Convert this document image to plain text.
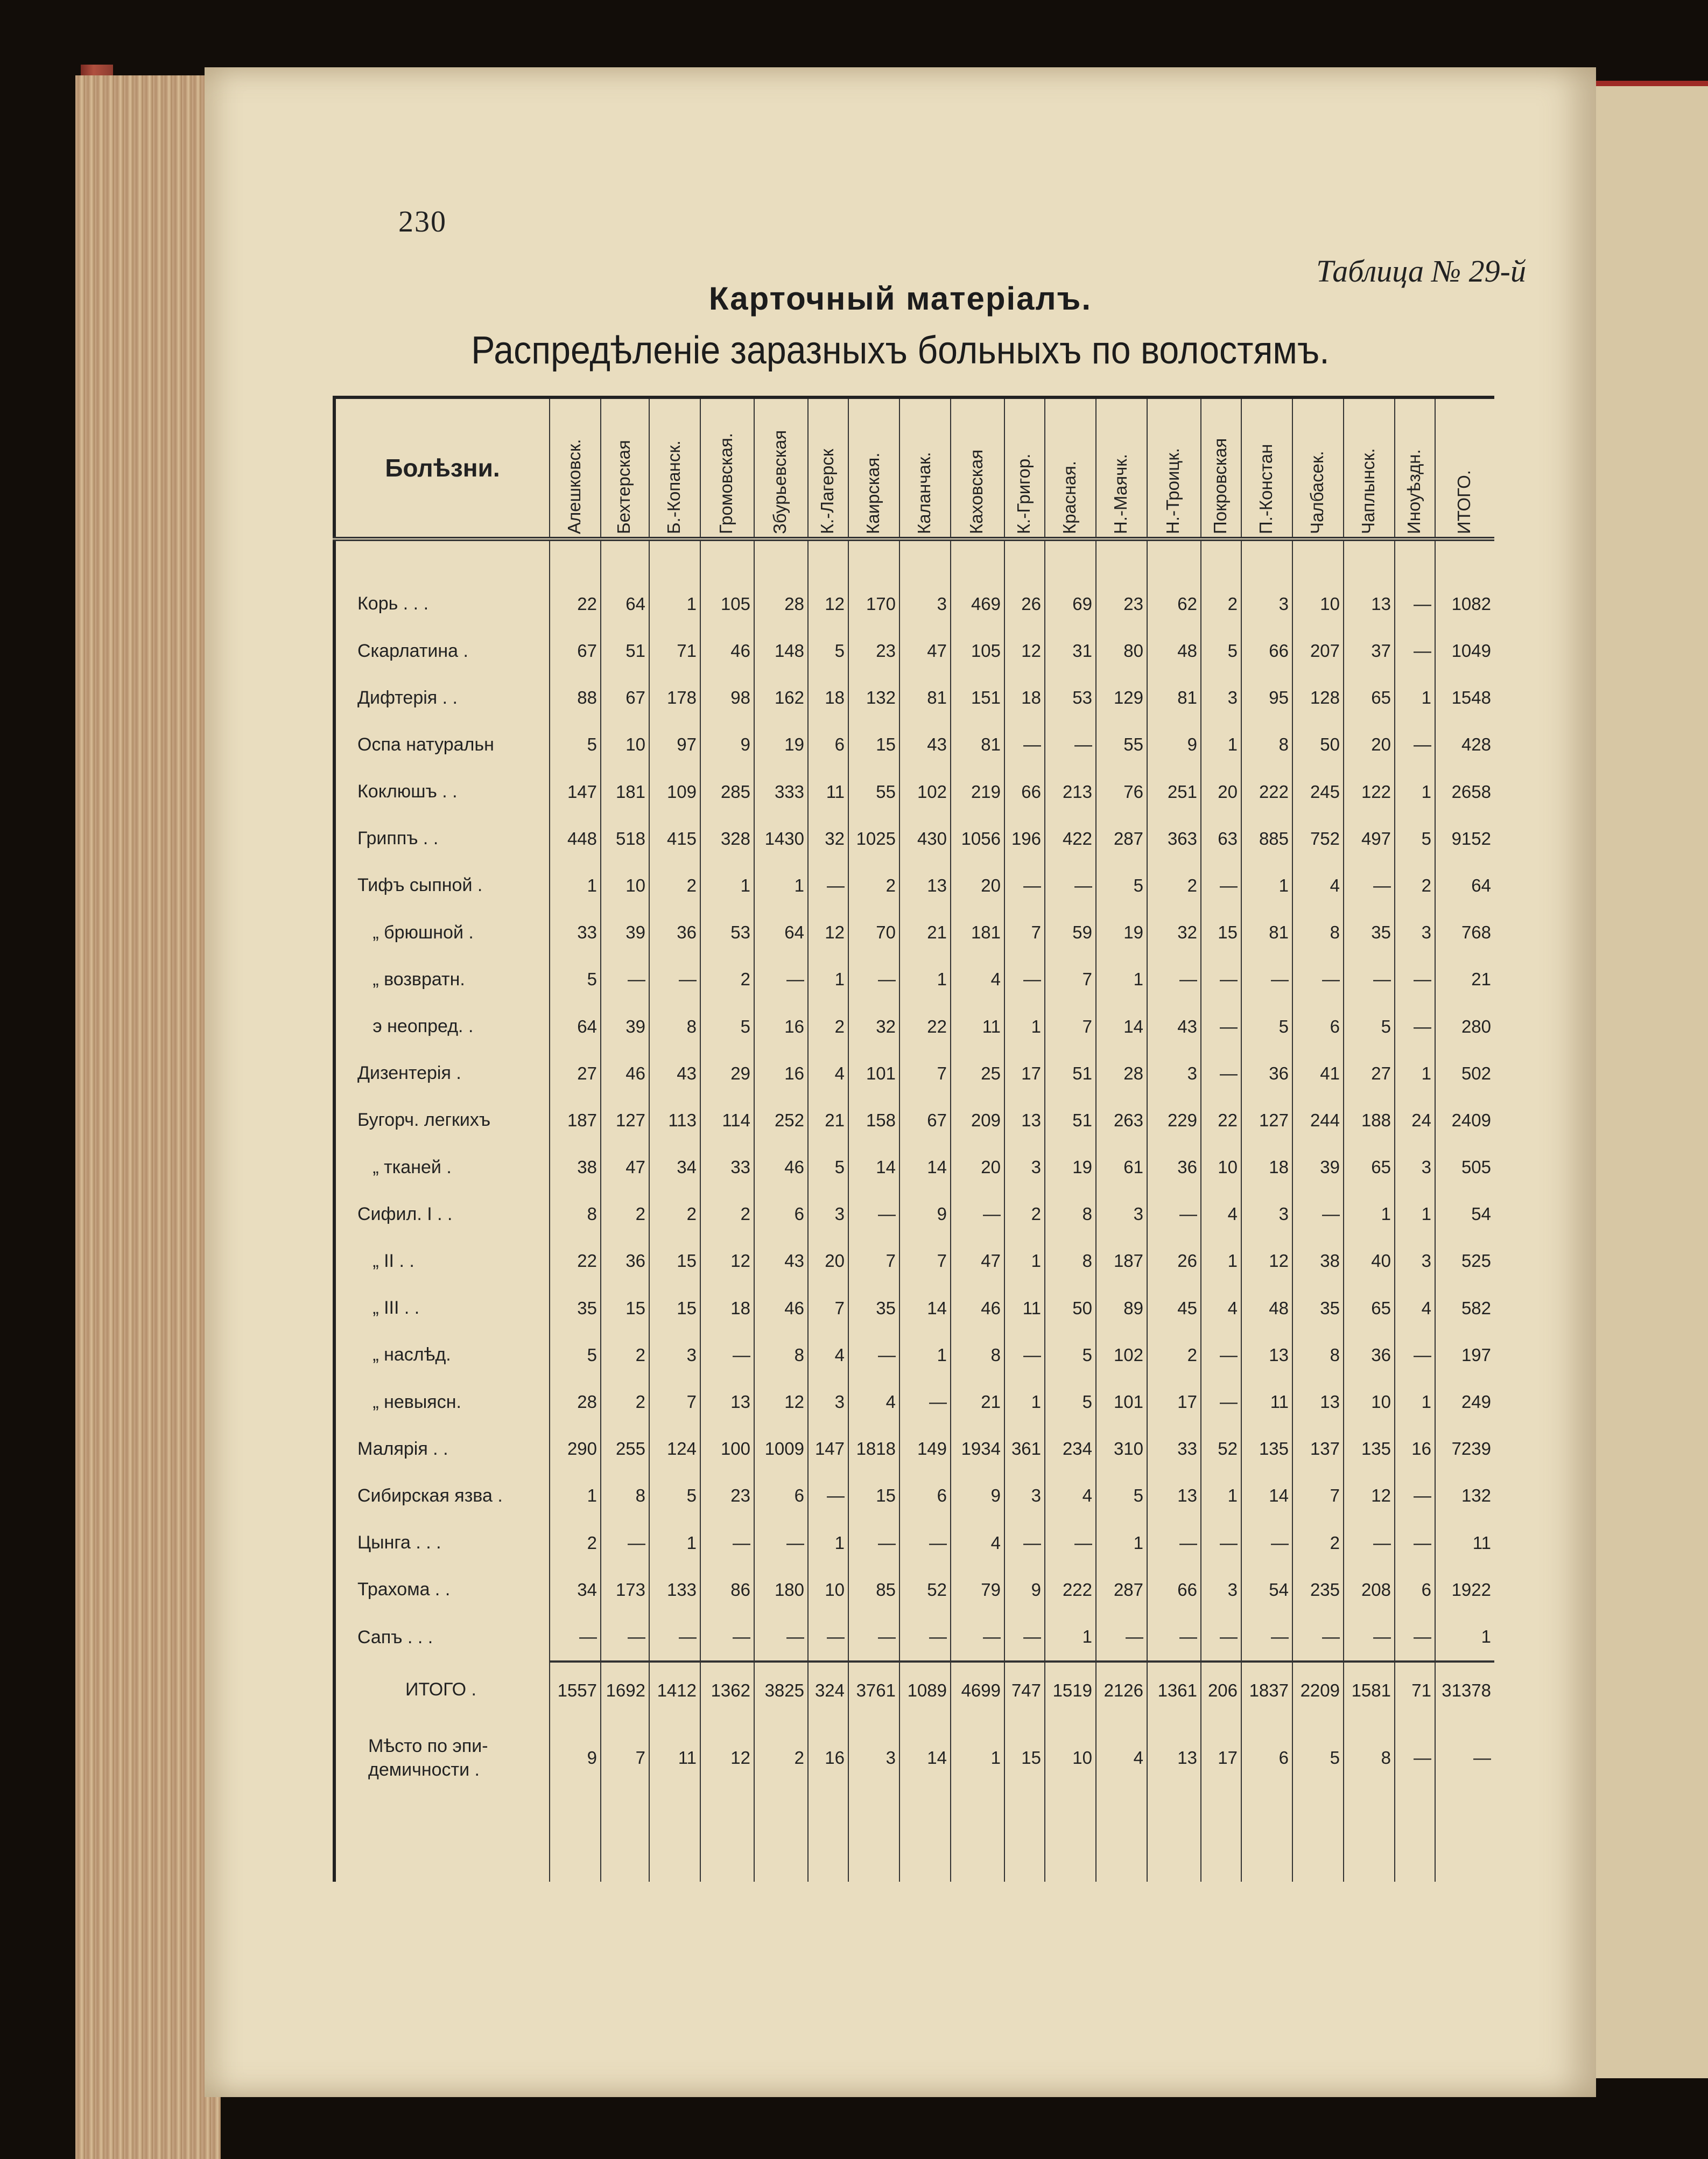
230
Таблица № 29-й
Карточный матеріалъ.
Распредѣленіе заразныхъ больныхъ по волостямъ.
Болѣзни.	Алешковск.	Бехтерская	Б.-Копанск.	Громовская.	Збурьевская	К.-Лагерск	Каирская.	Каланчак.	Каховская	К.-Григор.	Красная.	Н.-Маячк.	Н.-Троицк.	Покровская	П.-Констан	Чалбасек.	Чаплынск.	Иноуѣздн.	ИТОГО.

Корь . . .	22	64	1	105	28	12	170	3	469	26	69	23	62	2	3	10	13	—	1082
Скарлатина .	67	51	71	46	148	5	23	47	105	12	31	80	48	5	66	207	37	—	1049
Дифтерія . .	88	67	178	98	162	18	132	81	151	18	53	129	81	3	95	128	65	1	1548
Оспа натуральн	5	10	97	9	19	6	15	43	81	—	—	55	9	1	8	50	20	—	428
Коклюшъ . .	147	181	109	285	333	11	55	102	219	66	213	76	251	20	222	245	122	1	2658
Гриппъ . .	448	518	415	328	1430	32	1025	430	1056	196	422	287	363	63	885	752	497	5	9152
Тифъ сыпной .	1	10	2	1	1	—	2	13	20	—	—	5	2	—	1	4	—	2	64
„ брюшной .	33	39	36	53	64	12	70	21	181	7	59	19	32	15	81	8	35	3	768
„ возвратн.	5	—	—	2	—	1	—	1	4	—	7	1	—	—	—	—	—	—	21
э неопред. .	64	39	8	5	16	2	32	22	11	1	7	14	43	—	5	6	5	—	280
Дизентерія .	27	46	43	29	16	4	101	7	25	17	51	28	3	—	36	41	27	1	502
Бугорч. легкихъ	187	127	113	114	252	21	158	67	209	13	51	263	229	22	127	244	188	24	2409
„ тканей .	38	47	34	33	46	5	14	14	20	3	19	61	36	10	18	39	65	3	505
Сифил. I . .	8	2	2	2	6	3	—	9	—	2	8	3	—	4	3	—	1	1	54
„ II . .	22	36	15	12	43	20	7	7	47	1	8	187	26	1	12	38	40	3	525
„ III . .	35	15	15	18	46	7	35	14	46	11	50	89	45	4	48	35	65	4	582
„ наслѣд.	5	2	3	—	8	4	—	1	8	—	5	102	2	—	13	8	36	—	197
„ невыясн.	28	2	7	13	12	3	4	—	21	1	5	101	17	—	11	13	10	1	249
Малярія . .	290	255	124	100	1009	147	1818	149	1934	361	234	310	33	52	135	137	135	16	7239
Сибирская язва .	1	8	5	23	6	—	15	6	9	3	4	5	13	1	14	7	12	—	132
Цынга . . .	2	—	1	—	—	1	—	—	4	—	—	1	—	—	—	2	—	—	11
Трахома . .	34	173	133	86	180	10	85	52	79	9	222	287	66	3	54	235	208	6	1922
Сапъ . . .	—	—	—	—	—	—	—	—	—	—	1	—	—	—	—	—	—	—	1
ИТОГО .	1557	1692	1412	1362	3825	324	3761	1089	4699	747	1519	2126	1361	206	1837	2209	1581	71	31378
Мѣсто по эпи-
демичности .	9	7	11	12	2	16	3	14	1	15	10	4	13	17	6	5	8	—	—
